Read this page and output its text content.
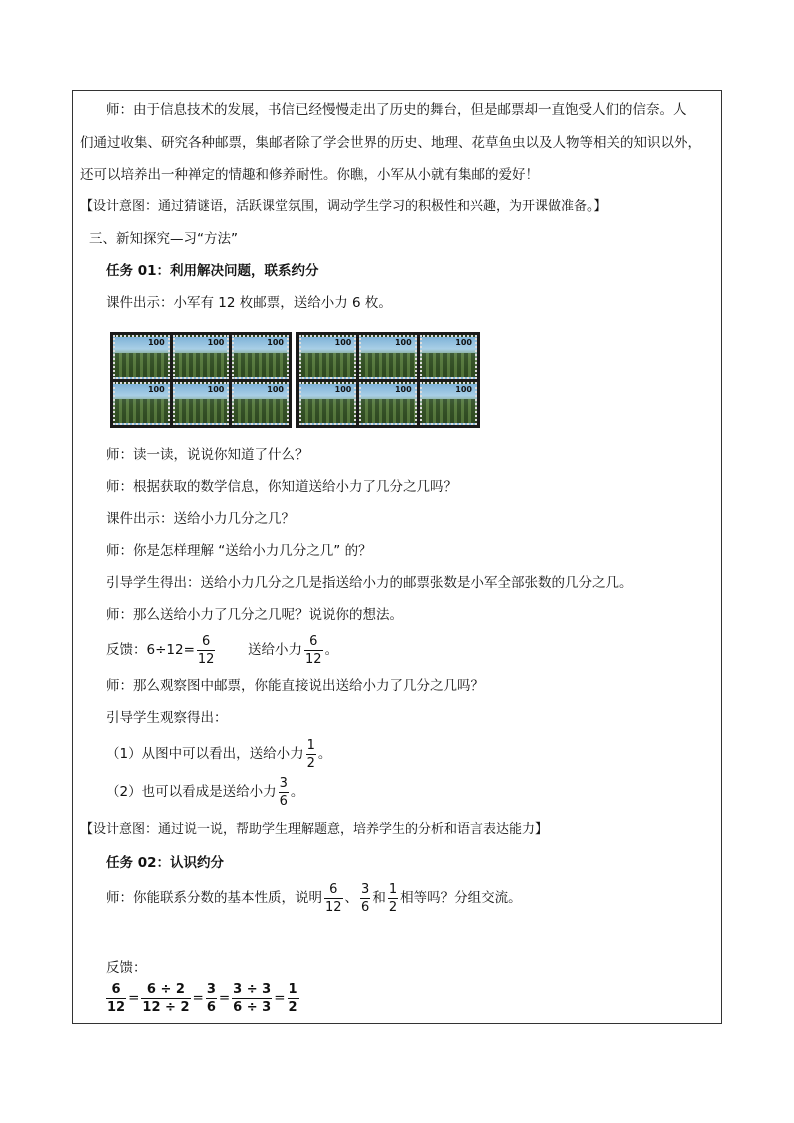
师：由于信息技术的发展，书信已经慢慢走出了历史的舞台，但是邮票却一直饱受人们的信奈。人
们通过收集、研究各种邮票，集邮者除了学会世界的历史、地理、花草鱼虫以及人物等相关的知识以外，
还可以培养出一种禅定的情趣和修养耐性。你瞧，小军从小就有集邮的爱好！
【设计意图：通过猜谜语，活跃课堂氛围，调动学生学习的积极性和兴趣，为开课做准备。】
三、新知探究—习“方法”
任务 01：利用解决问题，联系约分
课件出示：小军有 12 枚邮票，送给小力 6 枚。
100	100	100
100	100	100
100	100	100
100	100	100
师：读一读，说说你知道了什么？
师：根据获取的数学信息，你知道送给小力了几分之几吗？
课件出示：送给小力几分之几？
师：你是怎样理解 “送给小力几分之几” 的？
引导学生得出：送给小力几分之几是指送给小力的邮票张数是小军全部张数的几分之几。
师：那么送给小力了几分之几呢？说说你的想法。
反馈：$6\div 12= \frac{6}{12}$ 送给小力 $\frac{6}{12}$ 。
师：那么观察图中邮票，你能直接说出送给小力了几分之几吗？
引导学生观察得出：
（1）从图中可以看出，送给小力 $\frac{1}{2}$ 。
（2）也可以看成是送给小力 $\frac{3}{6}$ 。
【设计意图：通过说一说，帮助学生理解题意，培养学生的分析和语言表达能力】
任务 02：认识约分
师：你能联系分数的基本性质，说明 $\frac{6}{12}$ 、 $\frac{3}{6}$ 和 $\frac{1}{2}$ 相等吗？分组交流。
反馈：
$\frac{6}{12} = \frac{6 \div 2}{12 \div 2} = \frac{3}{6} = \frac{3 \div 3}{6 \div 3} = \frac{1}{2}$
